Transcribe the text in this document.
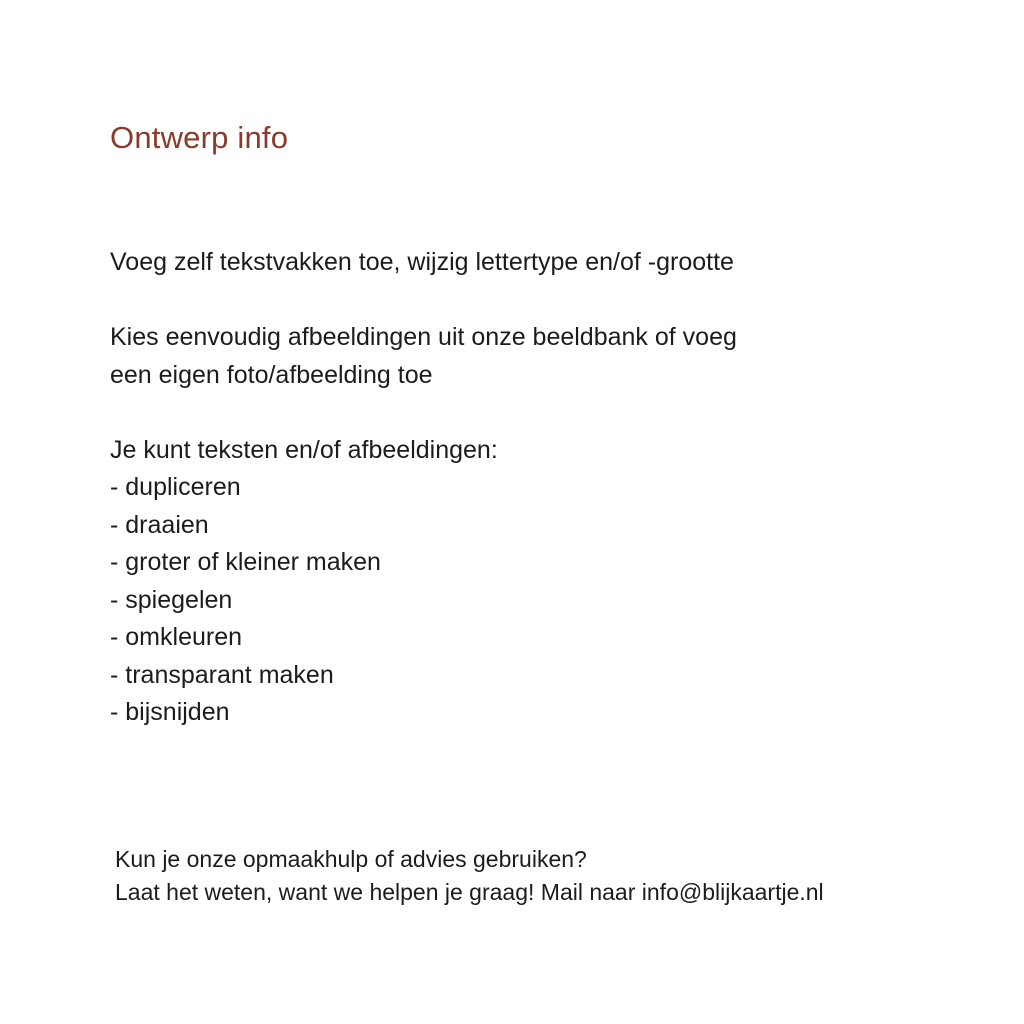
Ontwerp info

Voeg zelf tekstvakken toe, wijzig lettertype en/of -grootte

Kies eenvoudig afbeeldingen uit onze beeldbank of voeg

een eigen foto/afbeelding toe

Je kunt teksten en/of afbeeldingen:

- dupliceren
- draaien
- groter of kleiner maken
- spiegelen
- omkleuren
- transparant maken
- bijsnijden

Kun je onze opmaakhulp of advies gebruiken?

Laat het weten, want we helpen je graag! Mail naar info@blijkaartje.nl
